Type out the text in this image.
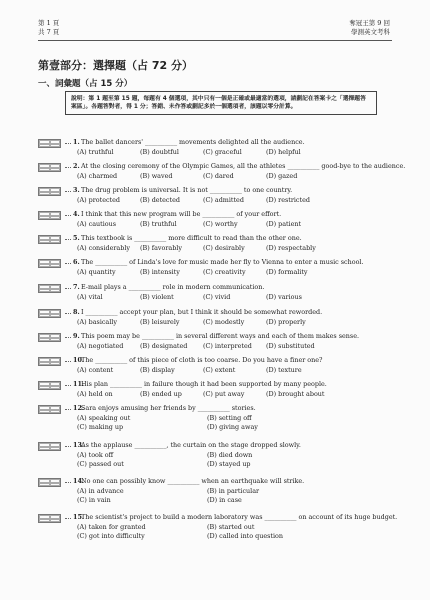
第 1 頁
共 7 頁
奪冠王第 9 回
學測英文考科
第壹部分：選擇題（占 72 分）
一、詞彙題（占 15 分）
說明：第 1 題至第 15 題，每題有 4 個選項，其中只有一個是正確或最適當的選項，請劃記在答案卡之「選擇題答案區」。各題答對者，得 1 分；答錯、未作答或劃記多於一個選項者，該題以零分計算。
1. The ballet dancers' __________ movements delighted all the audience.
(A) truthful	(B) doubtful	(C) graceful	(D) helpful
2. At the closing ceremony of the Olympic Games, all the athletes __________ good-bye to the audience.
(A) charmed	(B) waved	(C) dared	(D) gazed
3. The drug problem is universal. It is not __________ to one country.
(A) protected	(B) detected	(C) admitted	(D) restricted
4. I think that this new program will be __________ of your effort.
(A) cautious	(B) truthful	(C) worthy	(D) patient
5. This textbook is __________ more difficult to read than the other one.
(A) considerably	(B) favorably	(C) desirably	(D) respectably
6. The __________ of Linda's love for music made her fly to Vienna to enter a music school.
(A) quantity	(B) intensity	(C) creativity	(D) formality
7. E-mail plays a __________ role in modern communication.
(A) vital	(B) violent	(C) vivid	(D) various
8. I __________ accept your plan, but I think it should be somewhat reworded.
(A) basically	(B) leisurely	(C) modestly	(D) properly
9. This poem may be __________ in several different ways and each of them makes sense.
(A) negotiated	(B) designated	(C) interpreted	(D) substituted
10.
The __________ of this piece of cloth is too coarse. Do you have a finer one?
(A) content	(B) display	(C) extent	(D) texture
11.
His plan __________ in failure though it had been supported by many people.
(A) held on	(B) ended up	(C) put away	(D) brought about
12.
Sara enjoys amusing her friends by __________ stories.
(A) speaking out	(B) setting off
(C) making up	(D) giving away
13.
As the applause __________, the curtain on the stage dropped slowly.
(A) took off	(B) died down
(C) passed out	(D) stayed up
14.
No one can possibly know __________ when an earthquake will strike.
(A) in advance	(B) in particular
(C) in vain	(D) in case
15.
The scientist's project to build a modern laboratory was __________ on account of its huge budget.
(A) taken for granted	(B) started out
(C) got into difficulty	(D) called into question
